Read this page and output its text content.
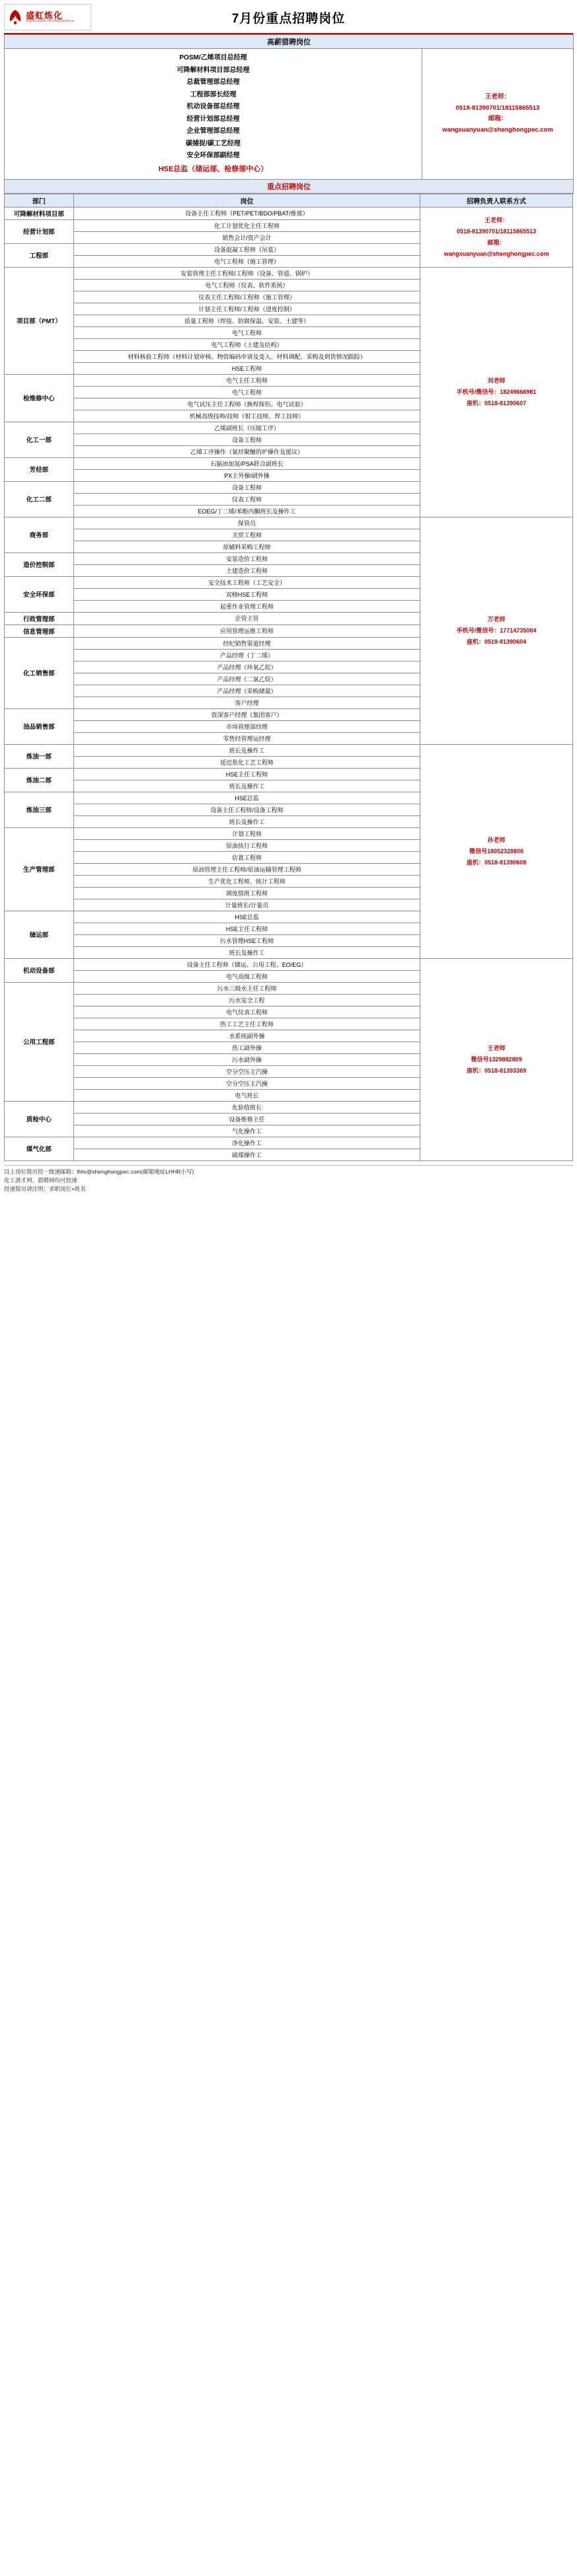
盛虹炼化
SHENGHONG PETROCHEMICAL	7月份重点招聘岗位
高薪猎聘岗位

POSM/乙烯项目总经理
可降解材料项目部总经理
总裁管理部总经理
工程部部长经理
机动设备部总经理
经营计划部总经理
企业管理部总经理
碳捕捉/碳工艺经理
安全环保部副经理
HSE总监（储运部、检修部中心）

王老师：
0518-81390701/18115865513
邮箱：
wangxuanyuan@shenghongpec.com

重点招聘岗位
部门	岗位	招聘负责人联系方式
可降解材料项目部	设备主任工程师（PET/PET/BDO/PBAT/维那）	王老师：
0518-81390701/18115865513
邮箱：
wangxuanyuan@shenghongpec.com

经营计划部	化工计划优化主任工程师	
	销售会计/资产会计	
工程部	设备混凝工程师（吊装）	
	电气工程师（施工管理）	
项目部（PMT）	安装管理主任工程师/工程师（设备、管道、锅炉）	刘老师
手机号/微信号：18249666981
座机：0518-81390607

	电气工程师（仪表、软件系统）	
	仪表主任工程师/工程师（施工管理）	
	计划主任工程师/工程师（进度控制）	
	质量工程师（焊接、防腐保温、安装、土建等）	
	电气工程师	
	电气工程师（土建及结构）	
	材料核验工程师（材料计划审核、物资编码申请及变入、材料调配、采购及到货情况跟踪）	
	HSE工程师	
检维修中心	电气主任工程师	
	电气工程师	
	电气试压主任工程师（换焊探伤、电气试验）	
	机械高级技师/技师（钳工技师、焊工技师）	
化工一部	乙烯副班长（压缩工序）	
	设备工程师	
	乙烯工序操作（氯烃聚醚的炉操作及提议）	
芳烃部	石脑油加氢/PSA联合副班长	
	PX主外操/副外操	
化工二部	设备工程师	
	仪表工程师	
	EOEG/丁二烯/苯酚丙酮班长及操作工	
商务部	保管员	万老师
手机号/微信号：17714735004
座机：0518-81390604

	关贸工程师	
	原辅料采购工程师	
造价控制部	安装造价工程师	
	土建造价工程师	
安全环保部	安全技术工程师（工艺安全）	
	双格HSE工程师	
	起重作业管理工程师	
行政管理部	企管主管	
信息管理部	应用管理运维工程师	
化工销售部	经纪销售渠道经理	
	产品经理（丁二烯）	
	产品经理（环氧乙烷）	
	产品经理（二氯乙烷）	
	产品经理（采购储量）	
	客户经理	
油品销售部	资深客户经理（集团客户）	
	市场管理部经理	
	零售经管理运经理	
炼油一部	班长及操作工	孙老师
微信号18052328800
座机：0518-81390608

	延迟焦化工艺工程师	
炼油二部	HSE主任工程师	
	班长及操作工	
炼油三部	HSE总监	
	设备主任工程师/设备工程师	
	班长及操作工	
生产管理部	计划工程师	
	原油执行工程师	
	估置工程师	
	原油管理主任工程师/原油运输管理工程师	
	生产优化工程师、统计工程师	
	调度值班工程师	
	计量班长/计量员	
储运部	HSE总监	
	HSE主任工程师	
	污水管理HSE工程师	
	班长及操作工	
机动设备部	设备主任工程师（储运、公用工程、EO/EG）	王老师
微信号1329882809
座机：0518-81393369

	电气高级工程师	
公用工程部	污水三级水主任工程师	
	污水安全工程	
	电气仪表工程师	
	热工工艺主任工程师	
	水系统副外操	
	热工副外操	
	污水副外操	
	空分空压主汽操	
	空分空压主汽操	
	电气班长	
质检中心	化验值班长	
	设备维修主任	
	气化操作工	
煤气化部	净化操作工	
	硫煤操作工	
以上岗位简历投一级递邮箱：lhhr@shenghongpec.com(邮箱地址LHHR小写)
化工潜才网、猎聘网均可投递
投递简历请注明：求职岗位+姓名
